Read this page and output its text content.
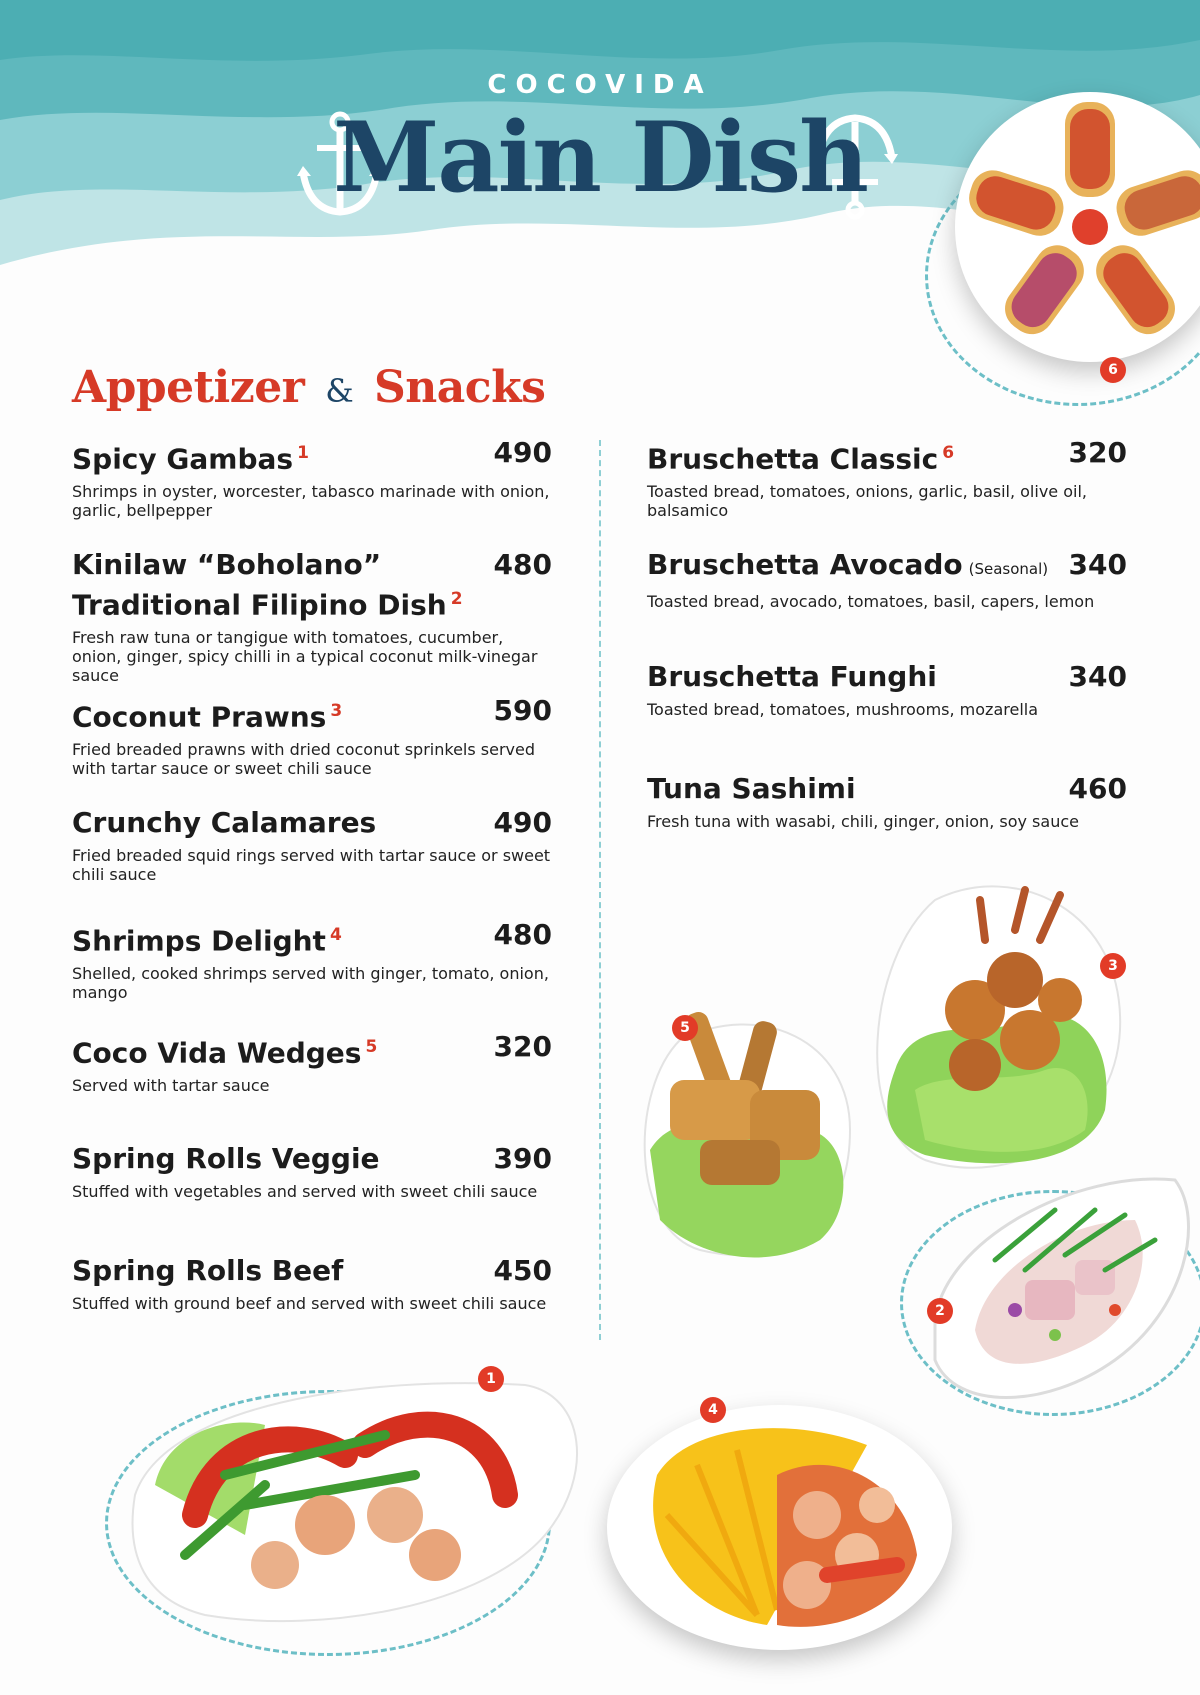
COCOVIDA
Main Dish
Appetizer & Snacks
Spicy Gambas $^1$	490
Shrimps in oyster, worcester, tabasco marinade with onion, garlic, bellpepper
Kinilaw “Boholano”
Traditional Filipino Dish $^2$
480
Fresh raw tuna or tangigue with tomatoes, cucumber, onion, ginger, spicy chilli in a typical coconut milk-vinegar sauce
Coconut Prawns $^3$	590
Fried breaded prawns with dried coconut sprinkels served with tartar sauce or sweet chili sauce
Crunchy Calamares	490
Fried breaded squid rings served with tartar sauce or sweet chili sauce
Shrimps Delight $^4$	480
Shelled, cooked shrimps served with ginger, tomato, onion, mango
Coco Vida Wedges $^5$	320
Served with tartar sauce
Spring Rolls Veggie	390
Stuffed with vegetables and served with sweet chili sauce
Spring Rolls Beef	450
Stuffed with ground beef and served with sweet chili sauce
Bruschetta Classic $^6$	320
Toasted bread, tomatoes, onions, garlic, basil, olive oil, balsamico
Bruschetta Avocado (Seasonal) 340
Toasted bread, avocado, tomatoes, basil, capers, lemon
Bruschetta Funghi	340
Toasted bread, tomatoes, mushrooms, mozarella
Tuna Sashimi	460
Fresh tuna with wasabi, chili, ginger, onion, soy sauce
6
3
5
2
1
4
